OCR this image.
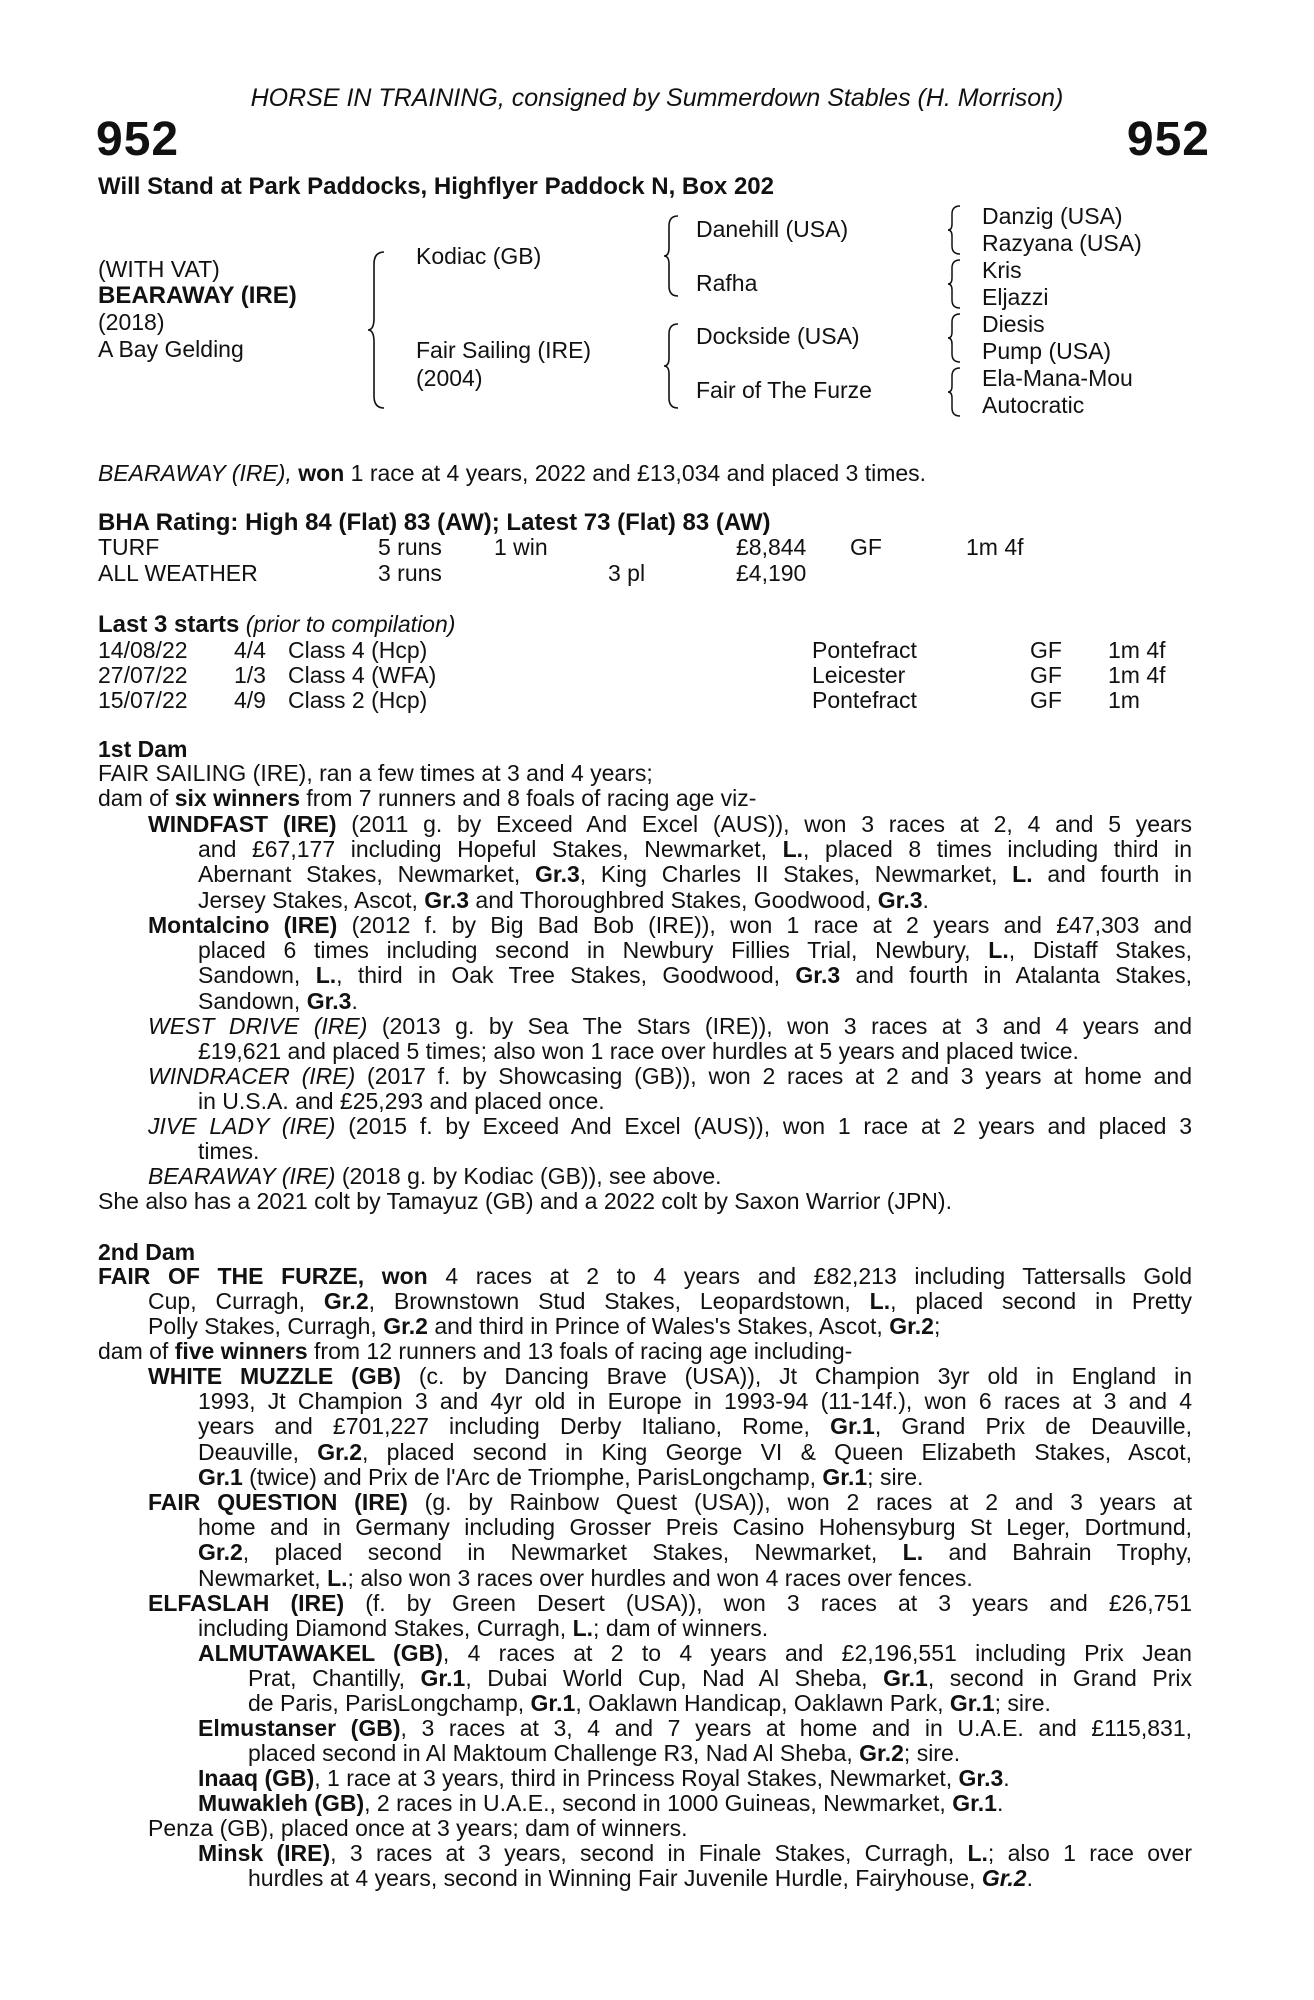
HORSE IN TRAINING, consigned by Summerdown Stables (H. Morrison)
952	952
Will Stand at Park Paddocks, Highflyer Paddock N, Box 202
(WITH VAT)
BEARAWAY (IRE)
(2018)
A Bay Gelding
Kodiac (GB)
Fair Sailing (IRE)
(2004)
Danehill (USA)
Rafha
Dockside (USA)
Fair of The Furze
Danzig (USA)
Razyana (USA)
Kris
Eljazzi
Diesis
Pump (USA)
Ela-Mana-Mou
Autocratic
BEARAWAY (IRE), won 1 race at 4 years, 2022 and £13,034 and placed 3 times.
BHA Rating: High 84 (Flat) 83 (AW); Latest 73 (Flat) 83 (AW)
TURF	5 runs 1 win	£8,844 GF	1m 4f
ALL WEATHER	3 runs	3 pl	£4,190
Last 3 starts (prior to compilation)
14/08/22 4/4 Class 4 (Hcp)	Pontefract	GF 1m 4f
27/07/22 1/3 Class 4 (WFA)	Leicester	GF 1m 4f
15/07/22 4/9 Class 2 (Hcp)	Pontefract	GF 1m
1st Dam
FAIR SAILING (IRE), ran a few times at 3 and 4 years;
dam of six winners from 7 runners and 8 foals of racing age viz-
WINDFAST (IRE) (2011 g. by Exceed And Excel (AUS)), won 3 races at 2, 4 and 5 years
and £67,177 including Hopeful Stakes, Newmarket, L., placed 8 times including third in
Abernant Stakes, Newmarket, Gr.3, King Charles II Stakes, Newmarket, L. and fourth in
Jersey Stakes, Ascot, Gr.3 and Thoroughbred Stakes, Goodwood, Gr.3.
Montalcino (IRE) (2012 f. by Big Bad Bob (IRE)), won 1 race at 2 years and £47,303 and
placed 6 times including second in Newbury Fillies Trial, Newbury, L., Distaff Stakes,
Sandown, L., third in Oak Tree Stakes, Goodwood, Gr.3 and fourth in Atalanta Stakes,
Sandown, Gr.3.
WEST DRIVE (IRE) (2013 g. by Sea The Stars (IRE)), won 3 races at 3 and 4 years and
£19,621 and placed 5 times; also won 1 race over hurdles at 5 years and placed twice.
WINDRACER (IRE) (2017 f. by Showcasing (GB)), won 2 races at 2 and 3 years at home and
in U.S.A. and £25,293 and placed once.
JIVE LADY (IRE) (2015 f. by Exceed And Excel (AUS)), won 1 race at 2 years and placed 3
times.
BEARAWAY (IRE) (2018 g. by Kodiac (GB)), see above.
She also has a 2021 colt by Tamayuz (GB) and a 2022 colt by Saxon Warrior (JPN).
2nd Dam
FAIR OF THE FURZE, won 4 races at 2 to 4 years and £82,213 including Tattersalls Gold
Cup, Curragh, Gr.2, Brownstown Stud Stakes, Leopardstown, L., placed second in Pretty
Polly Stakes, Curragh, Gr.2 and third in Prince of Wales's Stakes, Ascot, Gr.2;
dam of five winners from 12 runners and 13 foals of racing age including-
WHITE MUZZLE (GB) (c. by Dancing Brave (USA)), Jt Champion 3yr old in England in
1993, Jt Champion 3 and 4yr old in Europe in 1993-94 (11-14f.), won 6 races at 3 and 4
years and £701,227 including Derby Italiano, Rome, Gr.1, Grand Prix de Deauville,
Deauville, Gr.2, placed second in King George VI & Queen Elizabeth Stakes, Ascot,
Gr.1 (twice) and Prix de l'Arc de Triomphe, ParisLongchamp, Gr.1; sire.
FAIR QUESTION (IRE) (g. by Rainbow Quest (USA)), won 2 races at 2 and 3 years at
home and in Germany including Grosser Preis Casino Hohensyburg St Leger, Dortmund,
Gr.2, placed second in Newmarket Stakes, Newmarket, L. and Bahrain Trophy,
Newmarket, L.; also won 3 races over hurdles and won 4 races over fences.
ELFASLAH (IRE) (f. by Green Desert (USA)), won 3 races at 3 years and £26,751
including Diamond Stakes, Curragh, L.; dam of winners.
ALMUTAWAKEL (GB), 4 races at 2 to 4 years and £2,196,551 including Prix Jean
Prat, Chantilly, Gr.1, Dubai World Cup, Nad Al Sheba, Gr.1, second in Grand Prix
de Paris, ParisLongchamp, Gr.1, Oaklawn Handicap, Oaklawn Park, Gr.1; sire.
Elmustanser (GB), 3 races at 3, 4 and 7 years at home and in U.A.E. and £115,831,
placed second in Al Maktoum Challenge R3, Nad Al Sheba, Gr.2; sire.
Inaaq (GB), 1 race at 3 years, third in Princess Royal Stakes, Newmarket, Gr.3.
Muwakleh (GB), 2 races in U.A.E., second in 1000 Guineas, Newmarket, Gr.1.
Penza (GB), placed once at 3 years; dam of winners.
Minsk (IRE), 3 races at 3 years, second in Finale Stakes, Curragh, L.; also 1 race over
hurdles at 4 years, second in Winning Fair Juvenile Hurdle, Fairyhouse, Gr.2.
